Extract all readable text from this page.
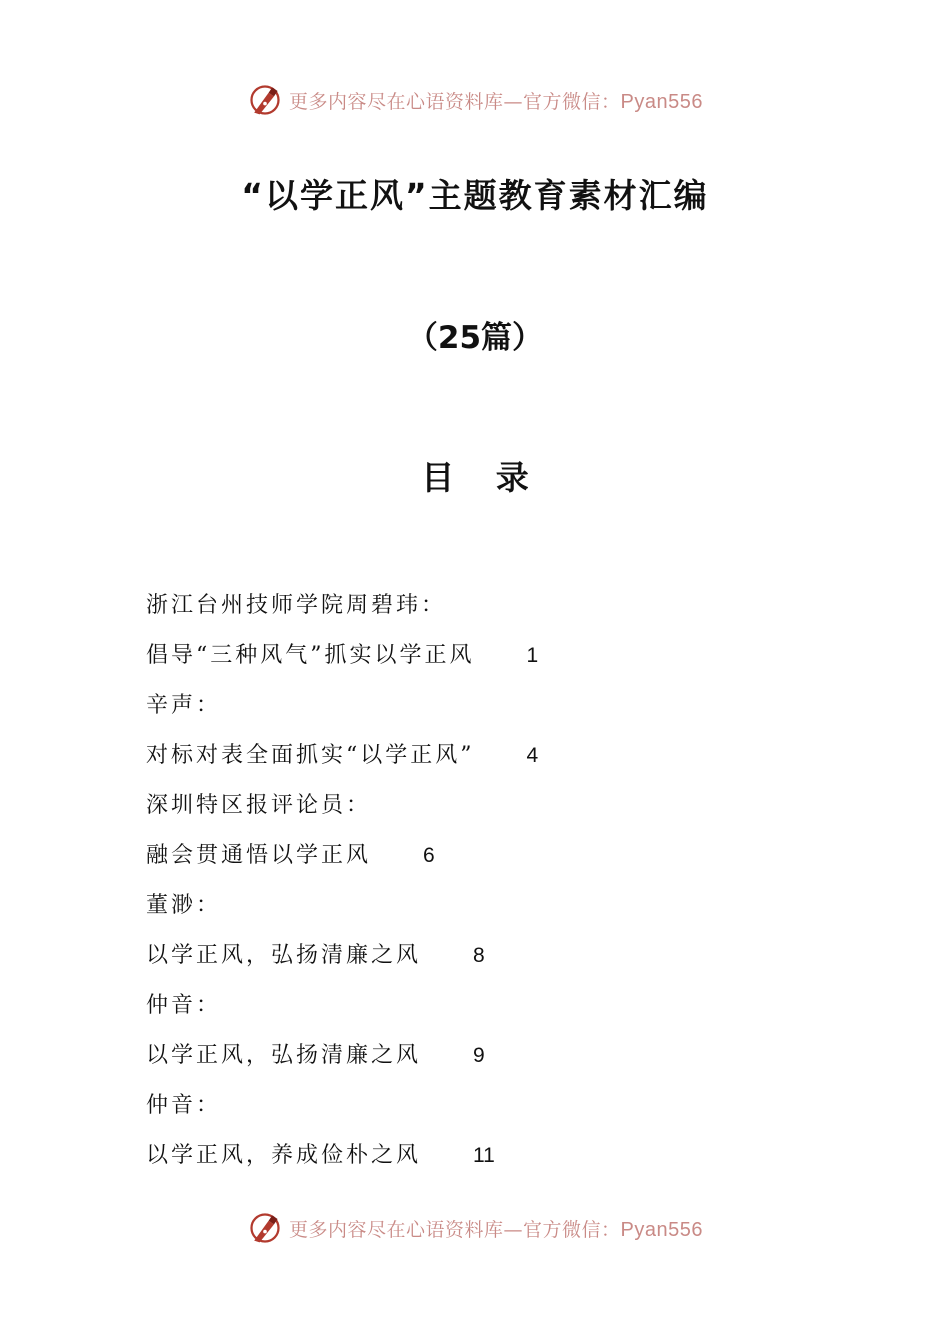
更多内容尽在心语资料库—官方微信：Pyan556
“以学正风”主题教育素材汇编
（25篇）
目 录
浙江台州技师学院周碧玮：
倡导“三种风气”抓实以学正风 1
辛声：
对标对表全面抓实“以学正风” 4
深圳特区报评论员：
融会贯通悟以学正风 6
董渺：
以学正风，弘扬清廉之风 8
仲音：
以学正风，弘扬清廉之风 9
仲音：
以学正风，养成俭朴之风 11
更多内容尽在心语资料库—官方微信：Pyan556
